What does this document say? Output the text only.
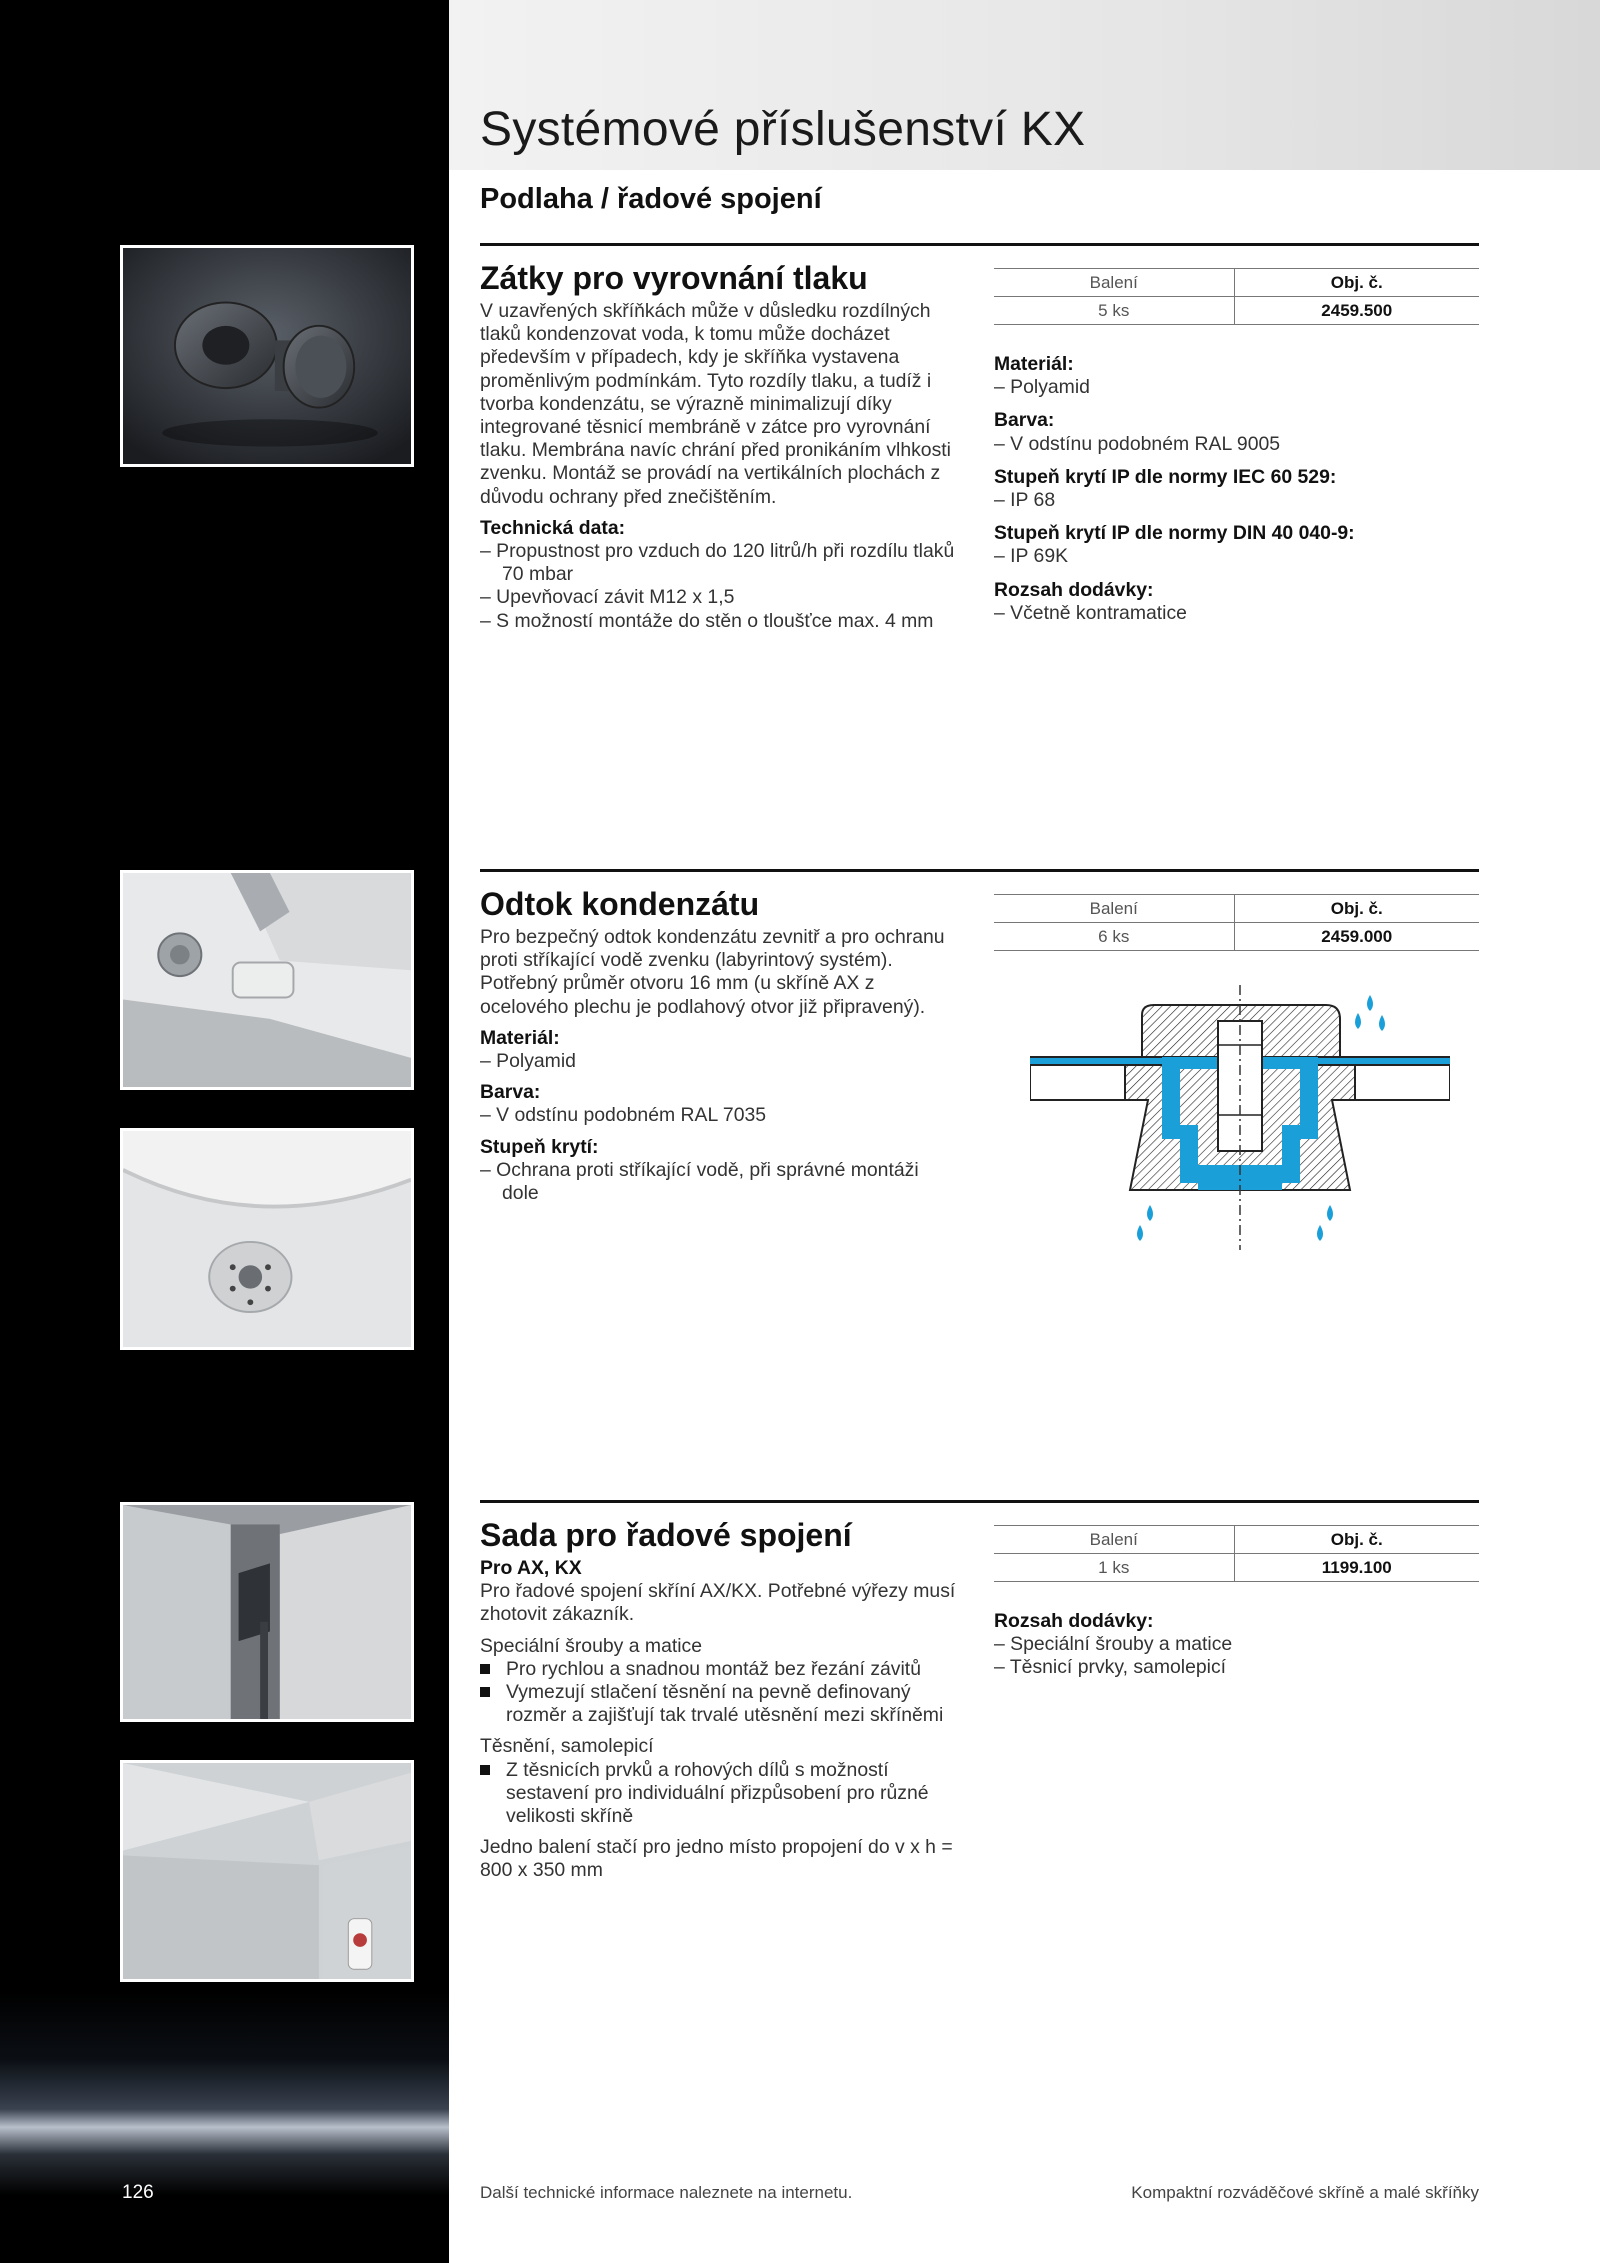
Systémové příslušenství KX
Podlaha / řadové spojení
Zátky pro vyrovnání tlaku

V uzavřených skříňkách může v důsledku rozdílných tlaků kondenzovat voda, k tomu může docházet především v případech, kdy je skříňka vystavena proměnlivým podmínkám. Tyto rozdíly tlaku, a tudíž i tvorba kondenzátu, se výrazně minimalizují díky integrované těsnicí membráně v zátce pro vyrovnání tlaku. Membrána navíc chrání před pronikáním vlhkosti zvenku. Montáž se provádí na vertikálních plochách z důvodu ochrany před znečištěním.

Technická data:

– Propustnost pro vzduch do 120 litrů/h při rozdílu tlaků 70 mbar

– Upevňovací závit M12 x 1,5

– S možností montáže do stěn o tloušťce max. 4 mm

Balení	Obj. č.
5 ks	2459.500

Materiál:

– Polyamid

Barva:

– V odstínu podobném RAL 9005

Stupeň krytí IP dle normy IEC 60 529:

– IP 68

Stupeň krytí IP dle normy DIN 40 040-9:

– IP 69K

Rozsah dodávky:

– Včetně kontramatice

Odtok kondenzátu

Pro bezpečný odtok kondenzátu zevnitř a pro ochranu proti stříkající vodě zvenku (labyrintový systém). Potřebný průměr otvoru 16 mm (u skříně AX z ocelového plechu je podlahový otvor již připravený).

Materiál:

– Polyamid

Barva:

– V odstínu podobném RAL 7035

Stupeň krytí:

– Ochrana proti stříkající vodě, při správné montáži dole

Balení	Obj. č.
6 ks	2459.000
Sada pro řadové spojení

Pro AX, KX

Pro řadové spojení skříní AX/KX. Potřebné výřezy musí zhotovit zákazník.

Speciální šrouby a matice

Pro rychlou a snadnou montáž bez řezání závitů

Vymezují stlačení těsnění na pevně definovaný rozměr a zajišťují tak trvalé utěsnění mezi skříněmi

Těsnění, samolepicí

Z těsnicích prvků a rohových dílů s možností sestavení pro individuální přizpůsobení pro různé velikosti skříně

Jedno balení stačí pro jedno místo propojení do v x h = 800 x 350 mm

Balení	Obj. č.
1 ks	1199.100

Rozsah dodávky:

– Speciální šrouby a matice

– Těsnicí prvky, samolepicí

126	Další technické informace naleznete na internetu.	Kompaktní rozváděčové skříně a malé skříňky
